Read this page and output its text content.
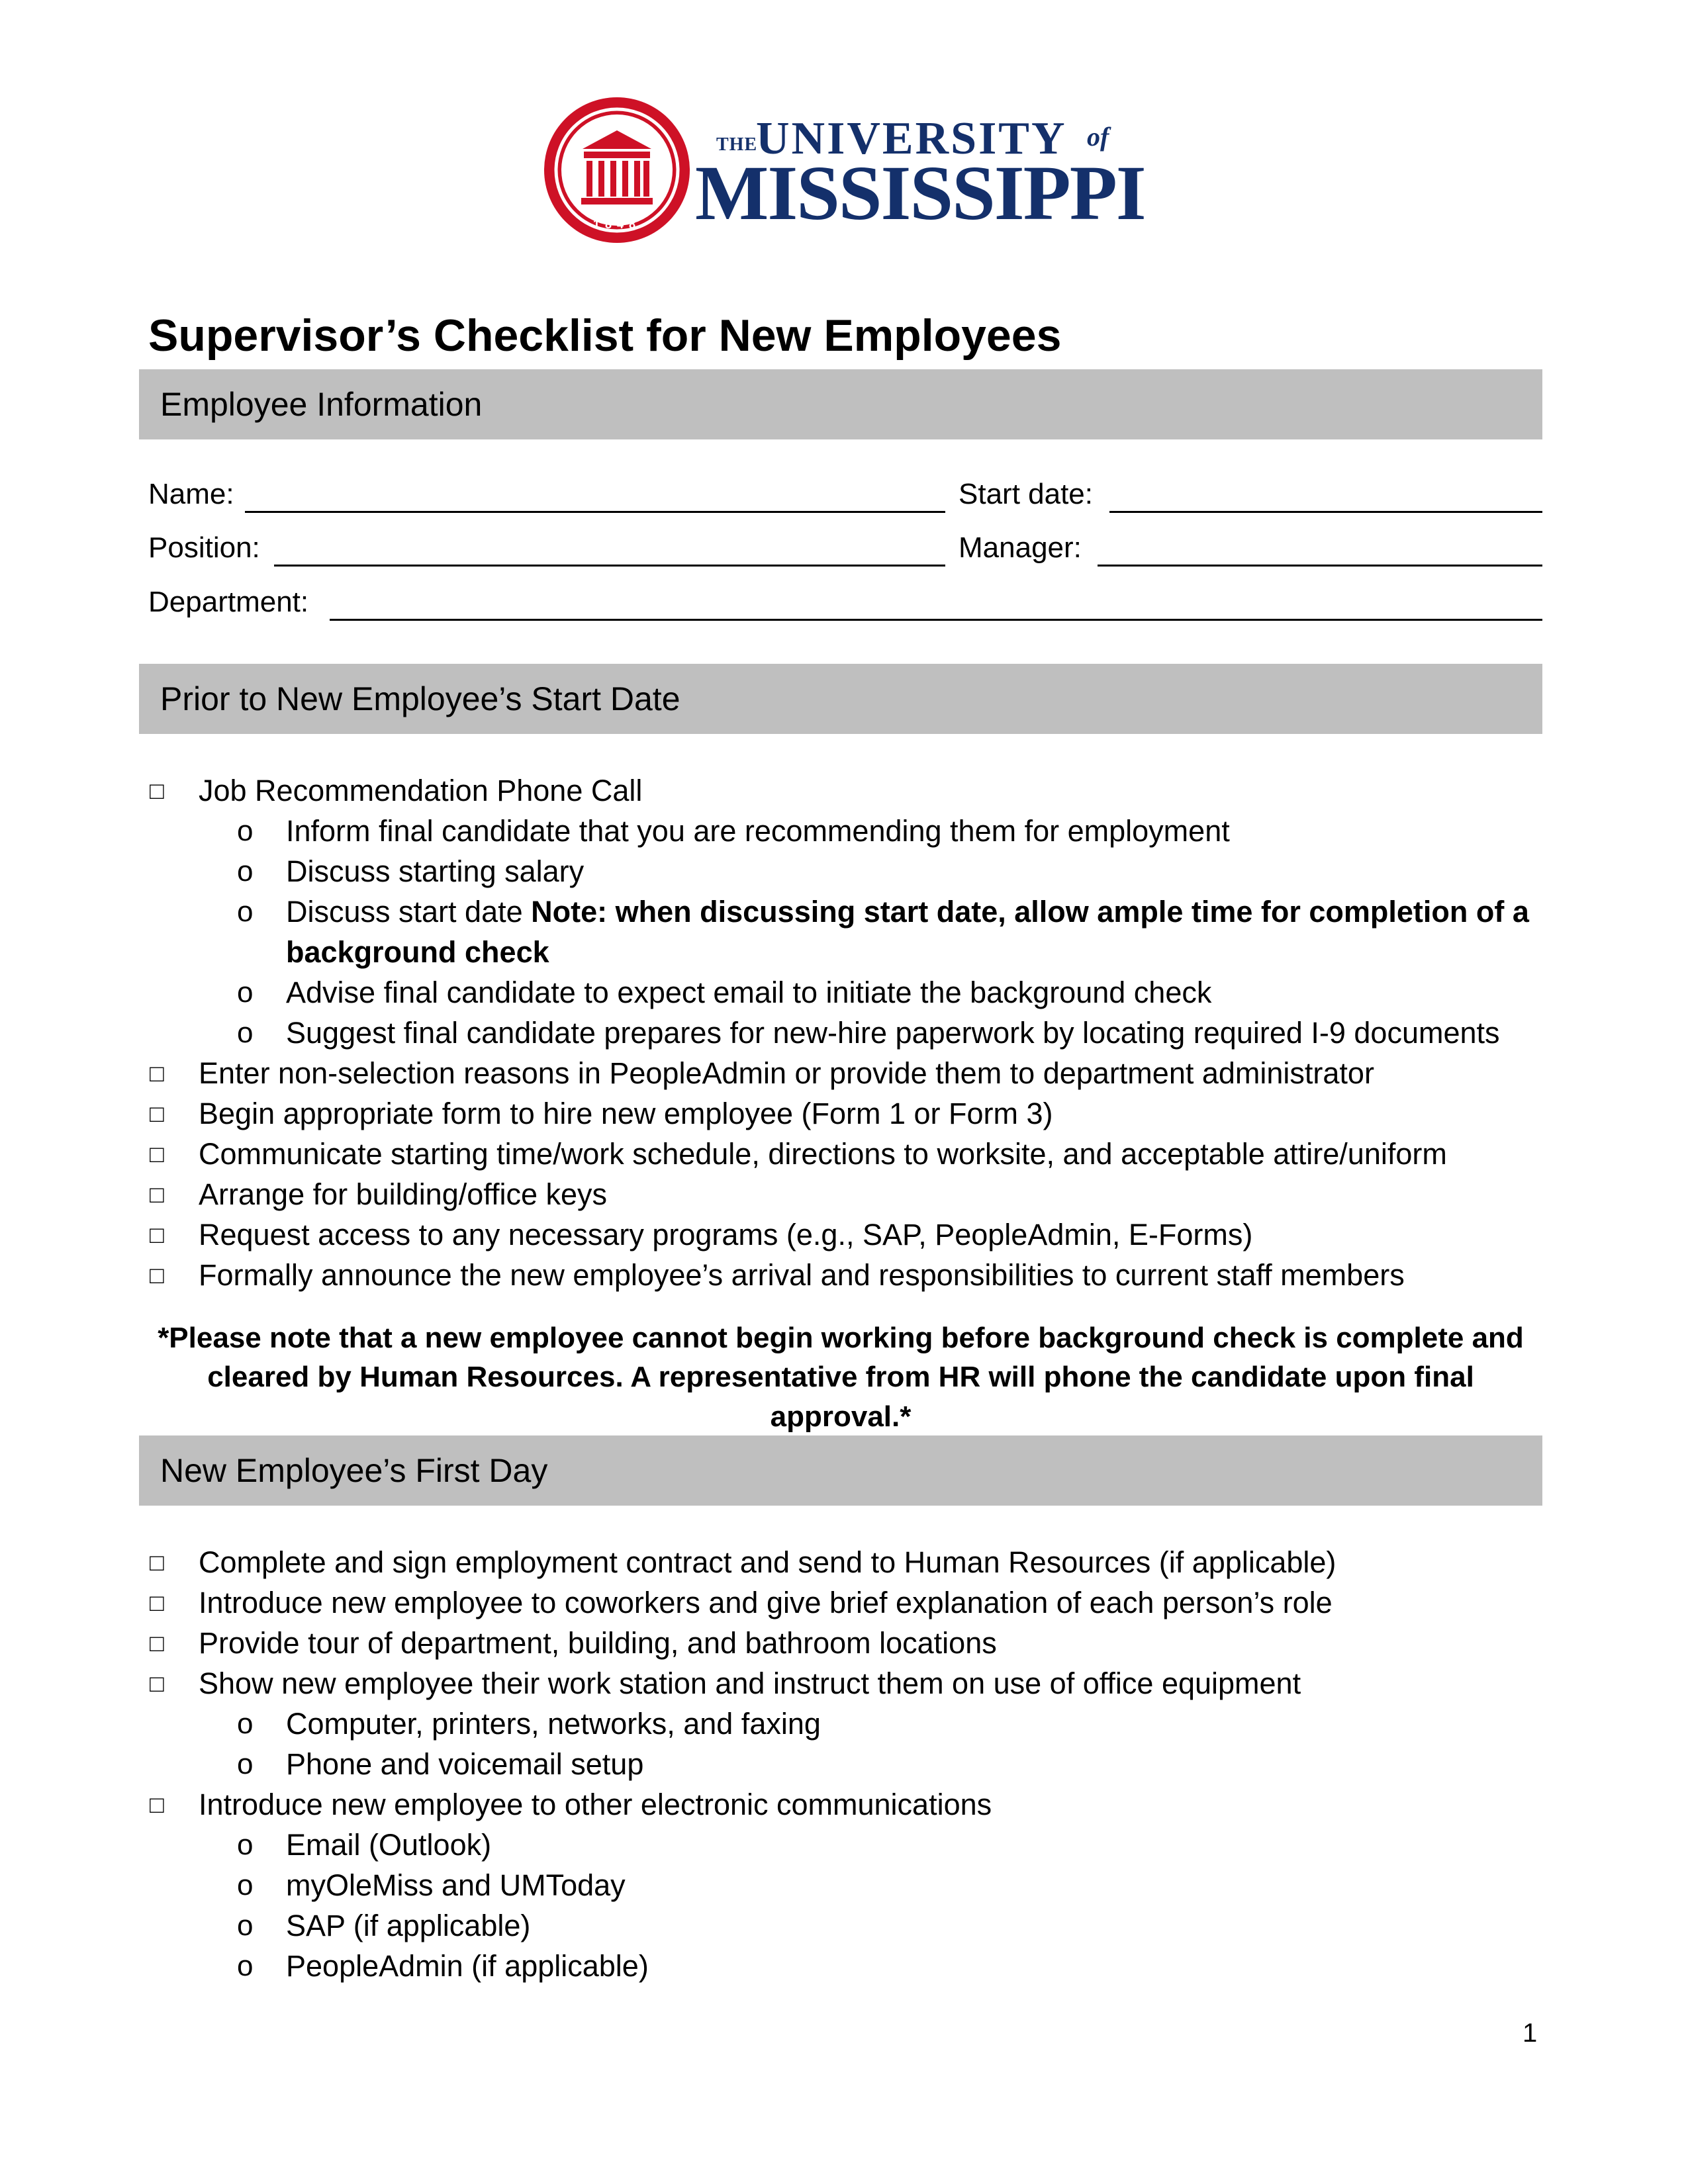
1848
THE
UNIVERSITY of
MISSISSIPPI
Supervisor’s Checklist for New Employees
Employee Information
Name:	Start date:
Position:	Manager:
Department:
Prior to New Employee’s Start Date
□ Job Recommendation Phone Call
o Inform final candidate that you are recommending them for employment
o Discuss starting salary
o Discuss start date Note: when discussing start date, allow ample time for completion of a
background check
o Advise final candidate to expect email to initiate the background check
o Suggest final candidate prepares for new-hire paperwork by locating required I-9 documents
□ Enter non-selection reasons in PeopleAdmin or provide them to department administrator
□ Begin appropriate form to hire new employee (Form 1 or Form 3)
□ Communicate starting time/work schedule, directions to worksite, and acceptable attire/uniform
□ Arrange for building/office keys
□ Request access to any necessary programs (e.g., SAP, PeopleAdmin, E-Forms)
□ Formally announce the new employee’s arrival and responsibilities to current staff members
*Please note that a new employee cannot begin working before background check is complete and
cleared by Human Resources. A representative from HR will phone the candidate upon final approval.*
New Employee’s First Day
□ Complete and sign employment contract and send to Human Resources (if applicable)
□ Introduce new employee to coworkers and give brief explanation of each person’s role
□ Provide tour of department, building, and bathroom locations
□ Show new employee their work station and instruct them on use of office equipment
o Computer, printers, networks, and faxing
o Phone and voicemail setup
□ Introduce new employee to other electronic communications
o Email (Outlook)
o myOleMiss and UMToday
o SAP (if applicable)
o PeopleAdmin (if applicable)
1
